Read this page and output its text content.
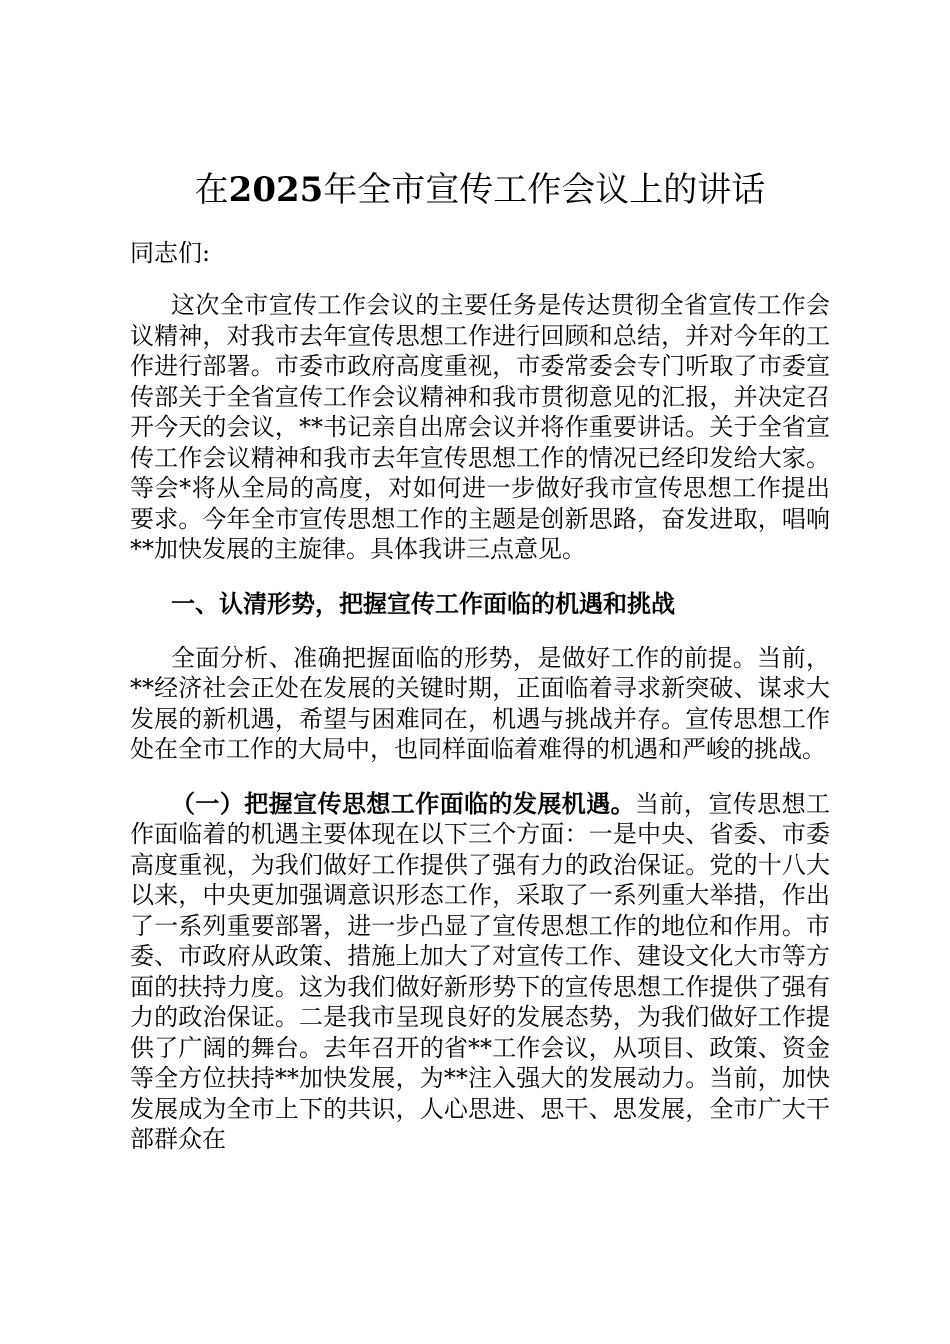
在2025年全市宣传工作会议上的讲话
同志们:

这次全市宣传工作会议的主要任务是传达贯彻全省宣传工作会议精神，对我市去年宣传思想工作进行回顾和总结，并对今年的工作进行部署。市委市政府高度重视，市委常委会专门听取了市委宣传部关于全省宣传工作会议精神和我市贯彻意见的汇报，并决定召开今天的会议，**书记亲自出席会议并将作重要讲话。关于全省宣传工作会议精神和我市去年宣传思想工作的情况已经印发给大家。等会*将从全局的高度，对如何进一步做好我市宣传思想工作提出要求。今年全市宣传思想工作的主题是创新思路，奋发进取，唱响**加快发展的主旋律。具体我讲三点意见。

一、认清形势，把握宣传工作面临的机遇和挑战

全面分析、准确把握面临的形势，是做好工作的前提。当前，**经济社会正处在发展的关键时期，正面临着寻求新突破、谋求大发展的新机遇，希望与困难同在，机遇与挑战并存。宣传思想工作处在全市工作的大局中，也同样面临着难得的机遇和严峻的挑战。

（一）把握宣传思想工作面临的发展机遇。当前，宣传思想工作面临着的机遇主要体现在以下三个方面：一是中央、省委、市委高度重视，为我们做好工作提供了强有力的政治保证。党的十八大以来，中央更加强调意识形态工作，采取了一系列重大举措，作出了一系列重要部署，进一步凸显了宣传思想工作的地位和作用。市委、市政府从政策、措施上加大了对宣传工作、建设文化大市等方面的扶持力度。这为我们做好新形势下的宣传思想工作提供了强有力的政治保证。二是我市呈现良好的发展态势，为我们做好工作提供了广阔的舞台。去年召开的省**工作会议，从项目、政策、资金等全方位扶持**加快发展，为**注入强大的发展动力。当前，加快发展成为全市上下的共识，人心思进、思干、思发展，全市广大干部群众在
